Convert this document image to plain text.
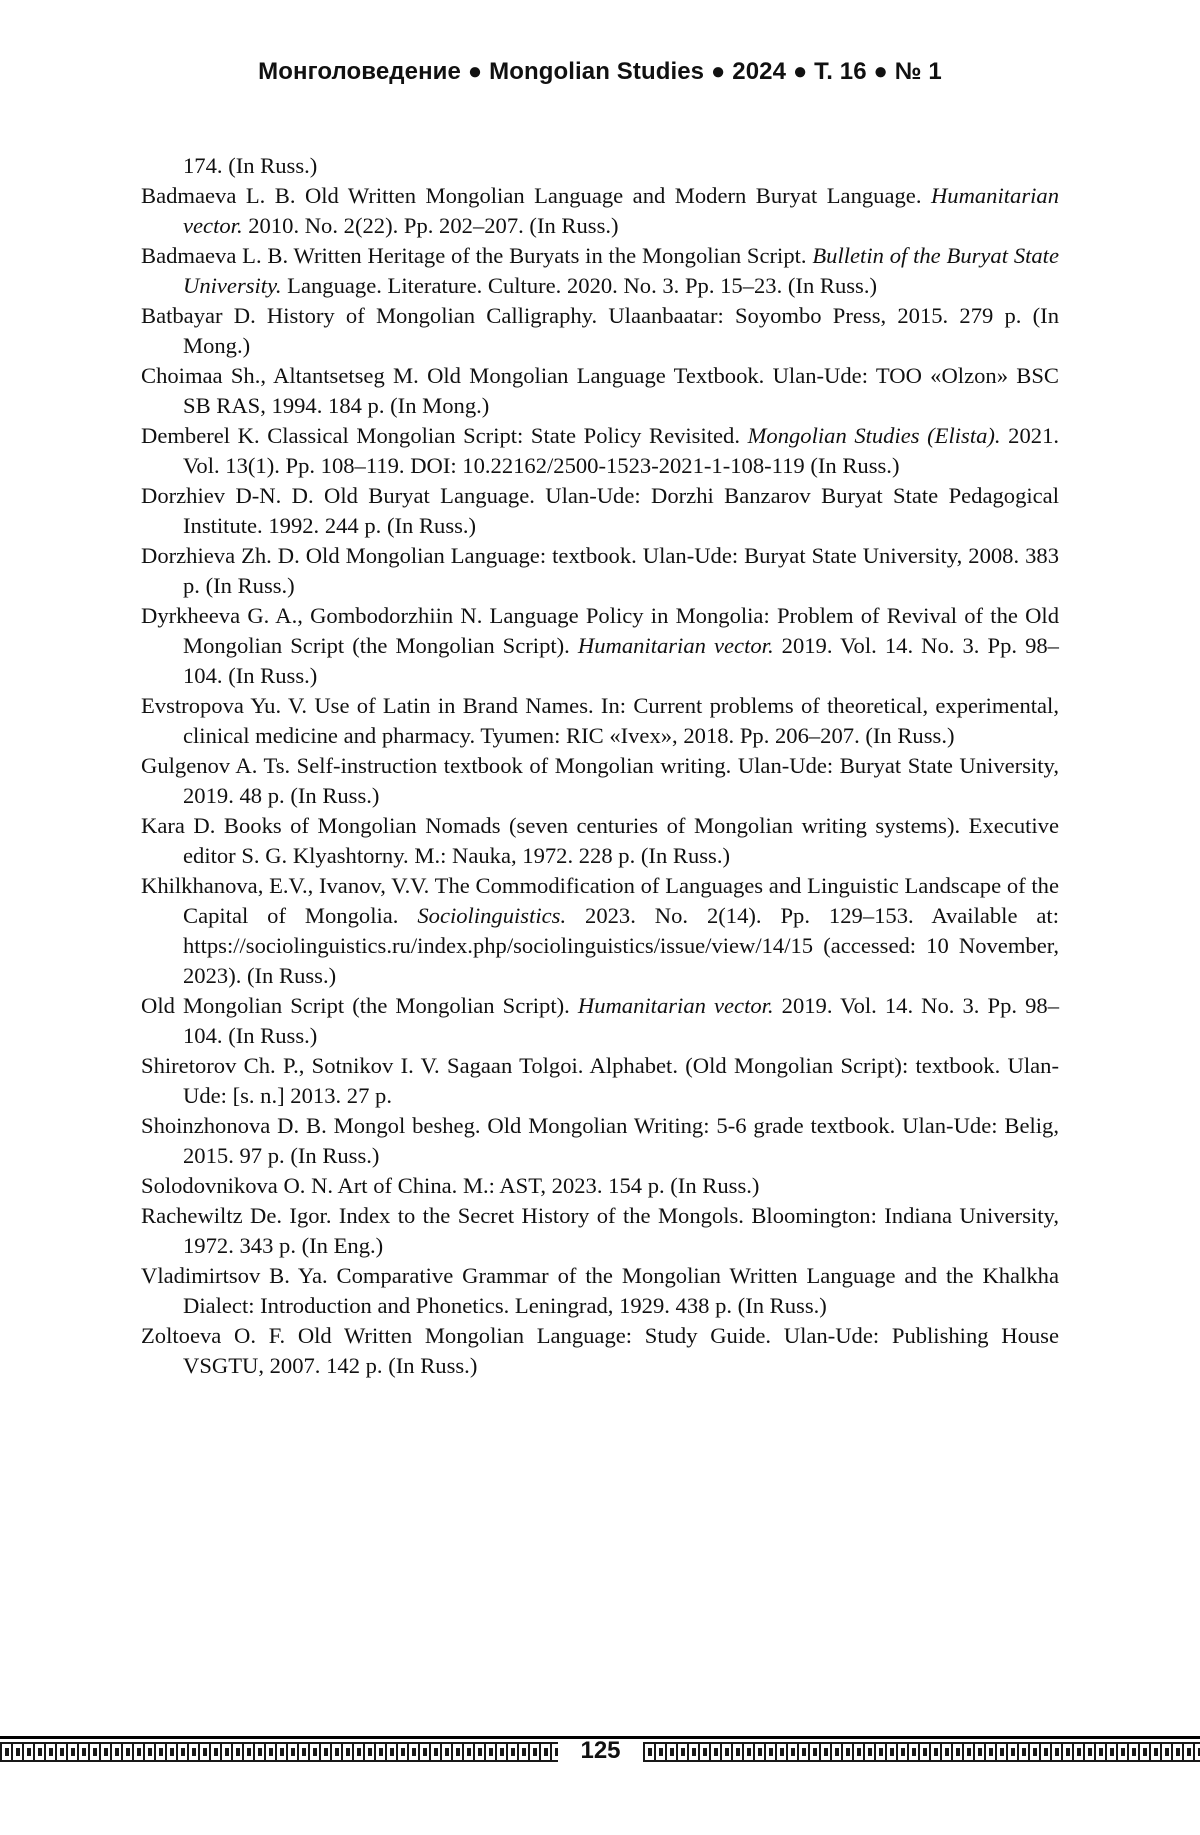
Монголоведение ● Mongolian Studies ● 2024 ● Т. 16 ● № 1

174. (In Russ.)

Badmaeva L. B. Old Written Mongolian Language and Modern Buryat Language. Humanitarian vector. 2010. No. 2(22). Pp. 202–207. (In Russ.)

Badmaeva L. B. Written Heritage of the Buryats in the Mongolian Script. Bulletin of the Buryat State University. Language. Literature. Culture. 2020. No. 3. Pp. 15–23. (In Russ.)

Batbayar D. History of Mongolian Calligraphy. Ulaanbaatar: Soyombo Press, 2015. 279 p. (In Mong.)

Choimaa Sh., Altantsetseg M. Old Mongolian Language Textbook. Ulan-Ude: TOO «Olzon» BSC SB RAS, 1994. 184 p. (In Mong.)

Demberel K. Classical Mongolian Script: State Policy Revisited. Mongolian Studies (Elista). 2021. Vol. 13(1). Pp. 108–119. DOI: 10.22162/2500-1523-2021-1-108-119 (In Russ.)

Dorzhiev D-N. D. Old Buryat Language. Ulan-Ude: Dorzhi Banzarov Buryat State Pedagogical Institute. 1992. 244 p. (In Russ.)

Dorzhieva Zh. D. Old Mongolian Language: textbook. Ulan-Ude: Buryat State University, 2008. 383 p. (In Russ.)

Dyrkheeva G. A., Gombodorzhiin N. Language Policy in Mongolia: Problem of Revival of the Old Mongolian Script (the Mongolian Script). Humanitarian vector. 2019. Vol. 14. No. 3. Pp. 98–104. (In Russ.)

Evstropova Yu. V. Use of Latin in Brand Names. In: Current problems of theoretical, experimental, clinical medicine and pharmacy. Tyumen: RIC «Ivex», 2018. Pp. 206–207. (In Russ.)

Gulgenov A. Ts. Self-instruction textbook of Mongolian writing. Ulan-Ude: Buryat State University, 2019. 48 p. (In Russ.)

Kara D. Books of Mongolian Nomads (seven centuries of Mongolian writing systems). Executive editor S. G. Klyashtorny. M.: Nauka, 1972. 228 p. (In Russ.)

Khilkhanova, E.V., Ivanov, V.V. The Commodification of Languages and Linguistic Landscape of the Capital of Mongolia. Sociolinguistics. 2023. No. 2(14). Pp. 129–153. Available at: https://sociolinguistics.ru/index.php/sociolinguistics/issue/view/14/15 (accessed: 10 November, 2023). (In Russ.)

Old Mongolian Script (the Mongolian Script). Humanitarian vector. 2019. Vol. 14. No. 3. Pp. 98–104. (In Russ.)

Shiretorov Ch. P., Sotnikov I. V. Sagaan Tolgoi. Alphabet. (Old Mongolian Script): textbook. Ulan-Ude: [s. n.] 2013. 27 p.

Shoinzhonova D. B. Mongol besheg. Old Mongolian Writing: 5-6 grade textbook. Ulan-Ude: Belig, 2015. 97 p. (In Russ.)

Solodovnikova O. N. Art of China. M.: AST, 2023. 154 p. (In Russ.)

Rachewiltz De. Igor. Index to the Secret History of the Mongols. Bloomington: Indiana University, 1972. 343 p. (In Eng.)

Vladimirtsov B. Ya. Comparative Grammar of the Mongolian Written Language and the Khalkha Dialect: Introduction and Phonetics. Leningrad, 1929. 438 p. (In Russ.)

Zoltoeva O. F. Old Written Mongolian Language: Study Guide. Ulan-Ude: Publishing House VSGTU, 2007. 142 p. (In Russ.)

125
